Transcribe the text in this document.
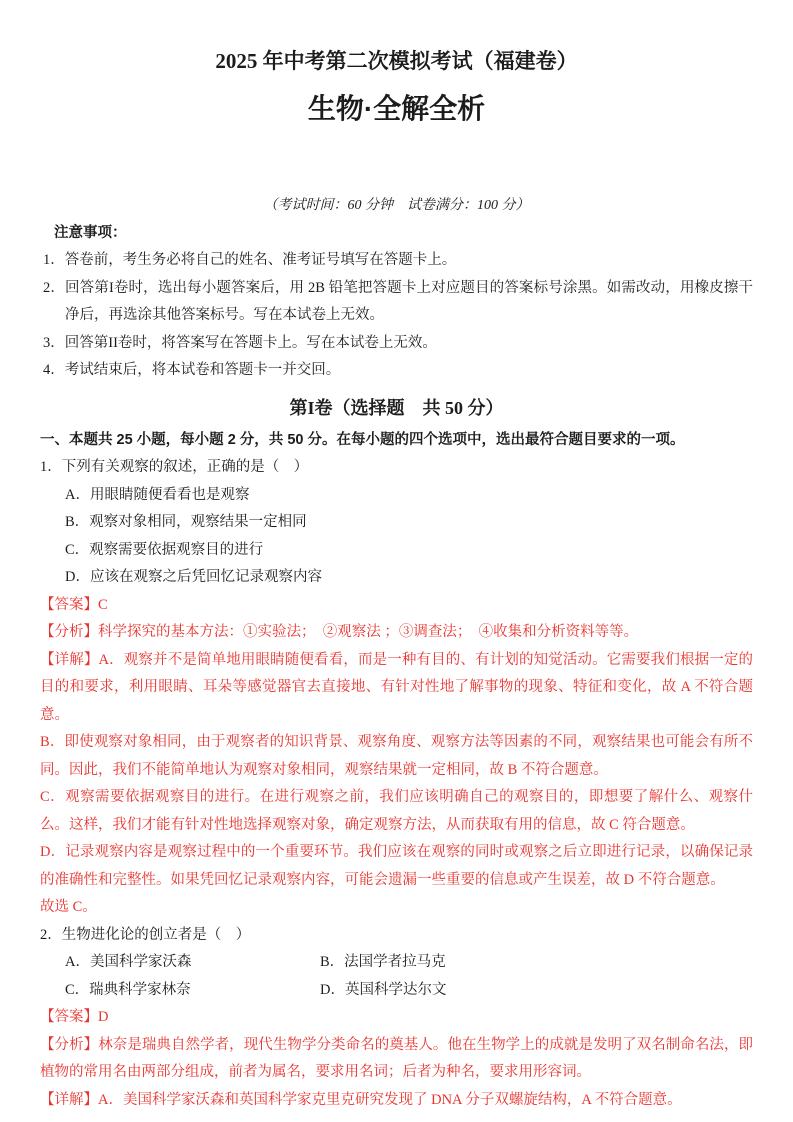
2025 年中考第二次模拟考试（福建卷）
生物·全解全析
（考试时间：60 分钟　试卷满分：100 分）
注意事项：

1．答卷前，考生务必将自己的姓名、准考证号填写在答题卡上。

2．回答第I卷时，选出每小题答案后，用 2B 铅笔把答题卡上对应题目的答案标号涂黑。如需改动，用橡皮擦干净后，再选涂其他答案标号。写在本试卷上无效。

3．回答第II卷时，将答案写在答题卡上。写在本试卷上无效。

4．考试结束后，将本试卷和答题卡一并交回。

第I卷（选择题　共 50 分）

一、本题共 25 小题，每小题 2 分，共 50 分。在每小题的四个选项中，选出最符合题目要求的一项。

1．下列有关观察的叙述，正确的是（　）

A．用眼睛随便看看也是观察

B．观察对象相同，观察结果一定相同

C．观察需要依据观察目的进行

D．应该在观察之后凭回忆记录观察内容

【答案】C

【分析】科学探究的基本方法：①实验法；　②观察法 ；③调查法；　④收集和分析资料等等。

【详解】A．观察并不是简单地用眼睛随便看看，而是一种有目的、有计划的知觉活动。它需要我们根据一定的目的和要求，利用眼睛、耳朵等感觉器官去直接地、有针对性地了解事物的现象、特征和变化，故 A 不符合题意。

B．即使观察对象相同，由于观察者的知识背景、观察角度、观察方法等因素的不同，观察结果也可能会有所不同。因此，我们不能简单地认为观察对象相同，观察结果就一定相同，故 B 不符合题意。

C．观察需要依据观察目的进行。在进行观察之前，我们应该明确自己的观察目的，即想要了解什么、观察什么。这样，我们才能有针对性地选择观察对象，确定观察方法，从而获取有用的信息，故 C 符合题意。

D．记录观察内容是观察过程中的一个重要环节。我们应该在观察的同时或观察之后立即进行记录，以确保记录的准确性和完整性。如果凭回忆记录观察内容，可能会遗漏一些重要的信息或产生误差，故 D 不符合题意。

故选 C。

2．生物进化论的创立者是（　）

A．美国科学家沃森	B．法国学者拉马克
C．瑞典科学家林奈	D．英国科学达尔文

【答案】D

【分析】林奈是瑞典自然学者，现代生物学分类命名的奠基人。他在生物学上的成就是发明了双名制命名法，即植物的常用名由两部分组成，前者为属名，要求用名词；后者为种名，要求用形容词。

【详解】A．美国科学家沃森和英国科学家克里克研究发现了 DNA 分子双螺旋结构，A 不符合题意。
